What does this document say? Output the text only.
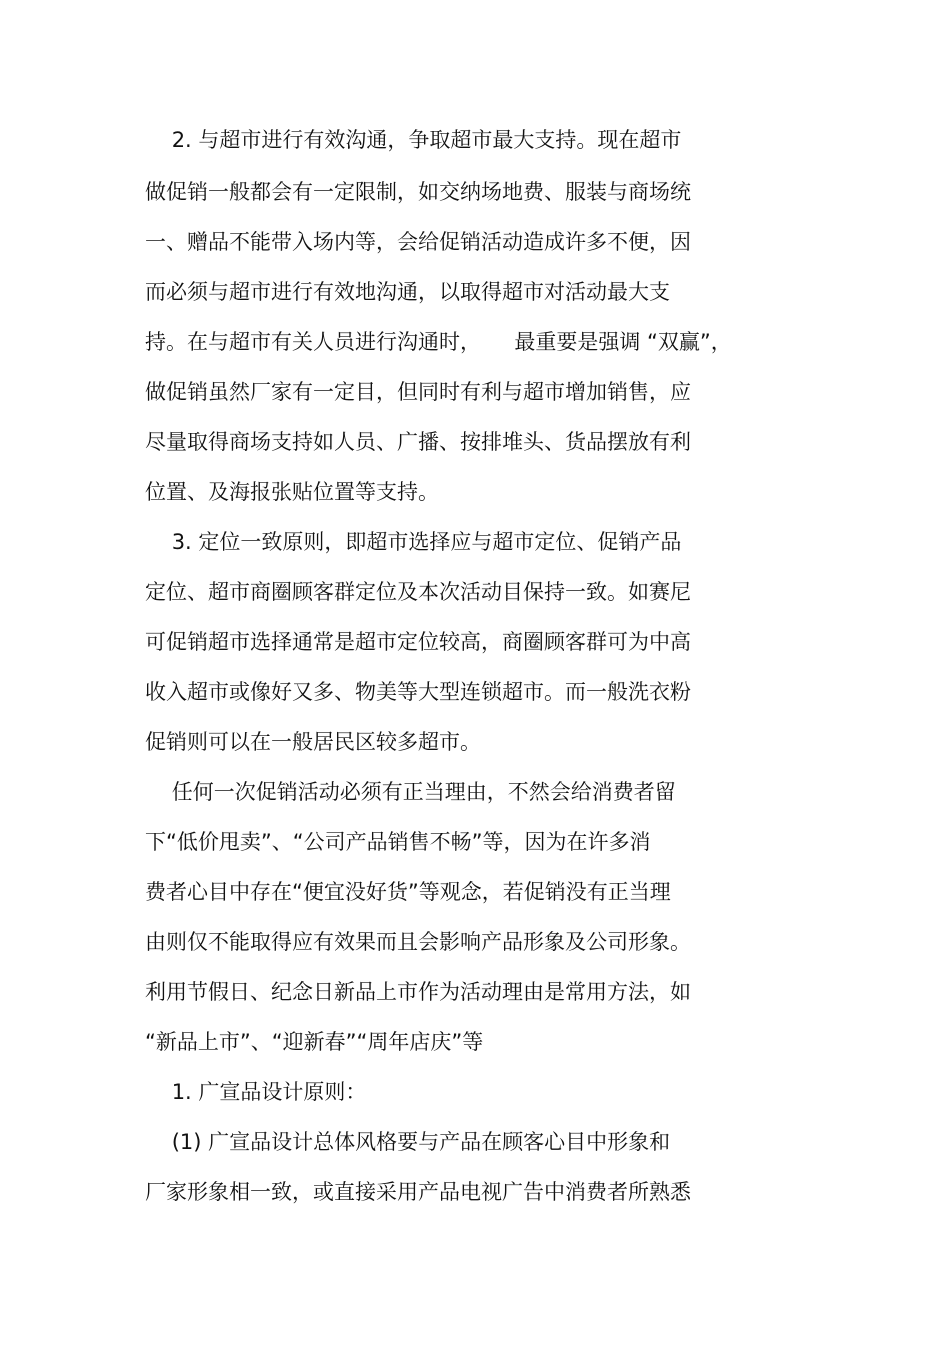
2. 与超市进行有效沟通，争取超市最大支持。现在超市
做促销一般都会有一定限制，如交纳场地费、服装与商场统
一、赠品不能带入场内等，会给促销活动造成许多不便，因
而必须与超市进行有效地沟通，以取得超市对活动最大支
持。在与超市有关人员进行沟通时，     最重要是强调 “双赢”，
做促销虽然厂家有一定目，但同时有利与超市增加销售，应
尽量取得商场支持如人员、广播、按排堆头、货品摆放有利
位置、及海报张贴位置等支持。
3. 定位一致原则，即超市选择应与超市定位、促销产品
定位、超市商圈顾客群定位及本次活动目保持一致。如赛尼
可促销超市选择通常是超市定位较高，商圈顾客群可为中高
收入超市或像好又多、物美等大型连锁超市。而一般洗衣粉
促销则可以在一般居民区较多超市。
任何一次促销活动必须有正当理由，不然会给消费者留
下“低价甩卖”、“公司产品销售不畅”等，因为在许多消
费者心目中存在“便宜没好货”等观念，若促销没有正当理
由则仅不能取得应有效果而且会影响产品形象及公司形象。
利用节假日、纪念日新品上市作为活动理由是常用方法，如
“新品上市”、“迎新春”“周年店庆”等
1. 广宣品设计原则：
(1) 广宣品设计总体风格要与产品在顾客心目中形象和
厂家形象相一致，或直接采用产品电视广告中消费者所熟悉
